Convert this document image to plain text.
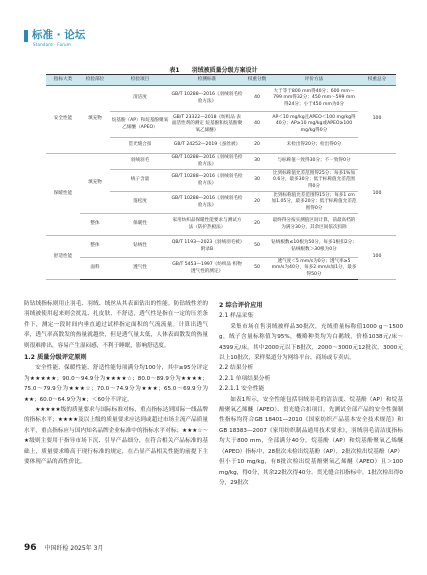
标准 · 论坛
Standard · Forum
表1 羽绒被质量分级方案设计
指标大类	检验部位	检验项目	检测标准	权重分数	评价方法	权重总分
安全性能	填充物	清洁度	GB/T 10288—2016《羽绒羽毛检验方法》	40	大于等于800 mm得40分；600 mm～799 mm得32分；450 mm～599 mm得24分；小于450 mm为0分	100
		烷基酚（AP）和烷基酚聚氧乙烯醚（APEO）	GB/T 23322—2018《纺织品 表面活性剂的测定 烷基酚和烷基酚聚氧乙烯醚》	40	AP＜10 mg/kg且APEO＜100 mg/kg得40分；AP≥10 mg/kg或APEO≥100 mg/kg得0分	
		贯光缝合扣	GB/T 24252—2019《蚕丝被》	20	未检出得20分；检出得0分	
保暖性能	填充物	羽绒羽毛	GB/T 10288—2016《羽绒羽毛检验方法》	30	与标称值一致得30分；不一致得0分	100
		绒子含量	GB/T 10288—2016《羽绒羽毛检验方法》	30	比到标称值允差范围得25分；每多1%加0.6分，最多30分；低于标称值允差范围得0分	
		蓬松度	GB/T 10288—2016《羽绒羽毛检验方法》	20	比到标称值允差范围得15分；每多1 cm加1.05分，最多20分；低于标称值允差范围得0分	
	整体	保暖性	家用纺织品保暖性能要求与测试方法（防护热板法）	20	最终得分按实测值区间计算，前最高档的为满分30分，其余区间依次扣除	
舒适性能	整体	钻绒性	QB/T 1193—2023《羽绒羽毛被》附录B	50	钻绒根数≤10根为50分，每多1根扣2分；钻绒根数＞30根为0分	100
	面料	透气性	GB/T 5453—1997《纺织品 织物透气性的测定》	50	透气度＜5 mm/s为0分；透气率≥5 mm/s为40分，每多2 mm/s加1分，最多得50分	

防钻绒指标则用止羽毛、羽绒、绒丝从其表面钻出的性能。防钻绒性差的羽绒被使用起来则会扰乱、扎皮肤、不舒适，透气性是指在一定的压差条件下，测定一段时间内垂直通过试样指定面积的气流流量。计算出透气率，透气率高散发的热量就越快，但是透气量太低，人体表面散发的热量则很难排出，容易产生湿闷感，不利于睡眠，影响舒适度。

1.2 质量分级评定原则

安全性能、保暖性能、舒适性能每项满分均100分，其中≥95分评定为★★★★★；90.0～94.9分为★★★★☆；80.0～89.9分为★★★★；75.0～79.9分为★★★☆；70.0～74.9分为★★★；65.0～69.9分为★★；60.0～64.9分为★；＜60分不评定。

★★★★★级的质量要求与国际标准对标，重点指标达到国际一线品牌的指标水平；★★★★及以上级的质量要求应达到或超过市场主流产品质量水平，重点指标应与国内知名品牌企业标准中的指标水平对标；★★★☆～★级则主要用于指导市场下沉、引导产品细分，在符合相关产品标准的基础上，质量要求略高于现行标准的规定，在凸显产品相关性能的前提下主要体现产品的高性价比。

2 综合评价应用
2.1 样品采集

采集市场在售羽绒被样品30批次，充绒重量标称值1000 g～1500 g，绒子含量标称值为95%，概略种类均为白鹅绒，价格1038元/床～4399元/床。其中2000元以下8批次，2000～3000元12批次，3000元以上10批次，采样渠道分为网络平台、商场或专卖店。

2.2 结果分析
2.2.1 单项结果分析
2.2.1.1 安全性能

如表1所示，安全性能包括羽绒羽毛的清洁度、烷基酚（AP）和烷基酚聚氧乙烯醚（APEO）、贯光缝合扣项目。先测试全部产品的安全性强制性指标均符合GB 18401—2010《国家纺织产品基本安全技术规范》和GB 18383—2007《家用纺织制品通用技术要求》，羽绒羽毛清洁度指标均大于800 mm，全部满分40分。烷基酚（AP）和烷基酚聚氧乙烯醚（APEO）指标中，28批次未检出烷基酚（AP），2批次检出烷基酚（AP）但小于10 mg/kg，有8批次检出烷基酚聚氧乙烯醚（APEO）且＞100 mg/kg，得0分，其余22批次得40分。贯光缝合扣指标中，1批次检出得0分，29批次

96 中国纤检 2025年 3月
